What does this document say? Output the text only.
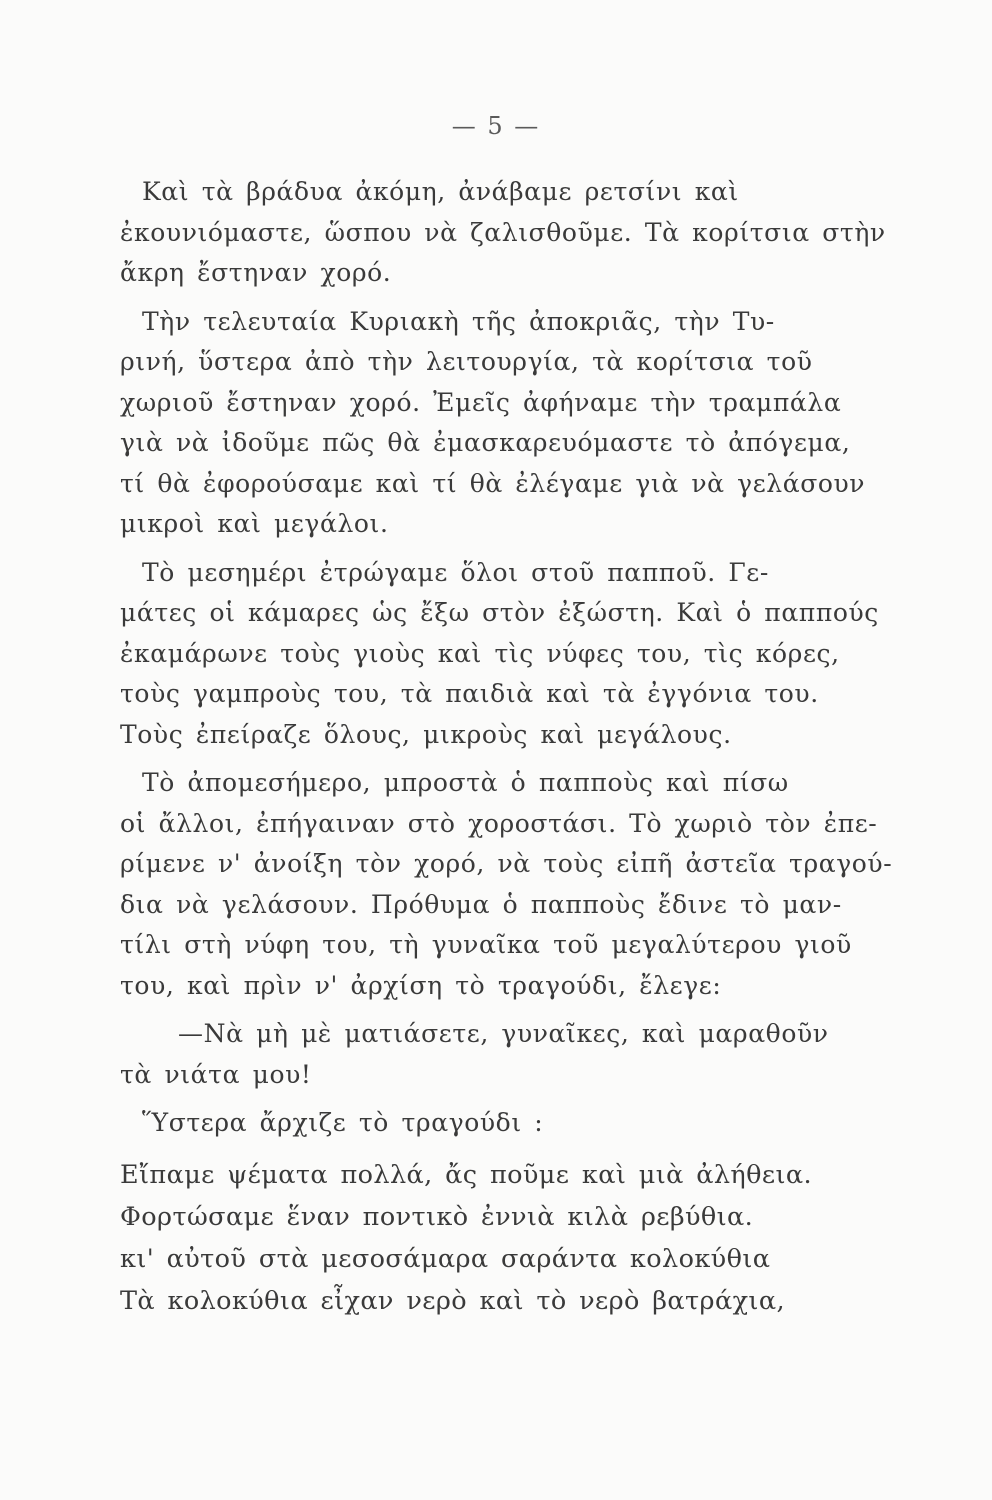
— 5 —
Καὶ τὰ βράδυα ἀκόμη, ἀνάβαμε ρετσίνι καὶ
ἐκουνιόμαστε, ὥσπου νὰ ζαλισθοῦμε. Τὰ κορίτσια στὴν
ἄκρη ἔστηναν χορό.
Τὴν τελευταία Κυριακὴ τῆς ἀποκριᾶς, τὴν Τυ-
ρινή, ὕστερα ἀπὸ τὴν λειτουργία, τὰ κορίτσια τοῦ
χωριοῦ ἔστηναν χορό. Ἐμεῖς ἀφήναμε τὴν τραμπάλα
γιὰ νὰ ἰδοῦμε πῶς θὰ ἐμασκαρευόμαστε τὸ ἀπόγεμα,
τί θὰ ἐφορούσαμε καὶ τί θὰ ἐλέγαμε γιὰ νὰ γελάσουν
μικροὶ καὶ μεγάλοι.
Τὸ μεσημέρι ἐτρώγαμε ὅλοι στοῦ παπποῦ. Γε-
μάτες οἱ κάμαρες ὡς ἔξω στὸν ἐξώστη. Καὶ ὁ παππούς
ἐκαμάρωνε τοὺς γιοὺς καὶ τὶς νύφες του, τὶς κόρες,
τοὺς γαμπροὺς του, τὰ παιδιὰ καὶ τὰ ἐγγόνια του.
Τοὺς ἐπείραζε ὅλους, μικροὺς καὶ μεγάλους.
Τὸ ἀπομεσήμερο, μπροστὰ ὁ παπποὺς καὶ πίσω
οἱ ἄλλοι, ἐπήγαιναν στὸ χοροστάσι. Τὸ χωριὸ τὸν ἐπε-
ρίμενε ν' ἀνοίξη τὸν χορό, νὰ τοὺς εἰπῆ ἀστεῖα τραγού-
δια νὰ γελάσουν. Πρόθυμα ὁ παπποὺς ἔδινε τὸ μαν-
τίλι στὴ νύφη του, τὴ γυναῖκα τοῦ μεγαλύτερου γιοῦ
του, καὶ πρὶν ν' ἀρχίση τὸ τραγούδι, ἔλεγε:
—Νὰ μὴ μὲ ματιάσετε, γυναῖκες, καὶ μαραθοῦν
τὰ νιάτα μου!
Ὕστερα ἄρχιζε τὸ τραγούδι :
Εἴπαμε ψέματα πολλά, ἄς ποῦμε καὶ μιὰ ἀλήθεια.
Φορτώσαμε ἕναν ποντικὸ ἐννιὰ κιλὰ ρεβύθια.
κι' αὐτοῦ στὰ μεσοσάμαρα σαράντα κολοκύθια
Τὰ κολοκύθια εἶχαν νερὸ καὶ τὸ νερὸ βατράχια,
